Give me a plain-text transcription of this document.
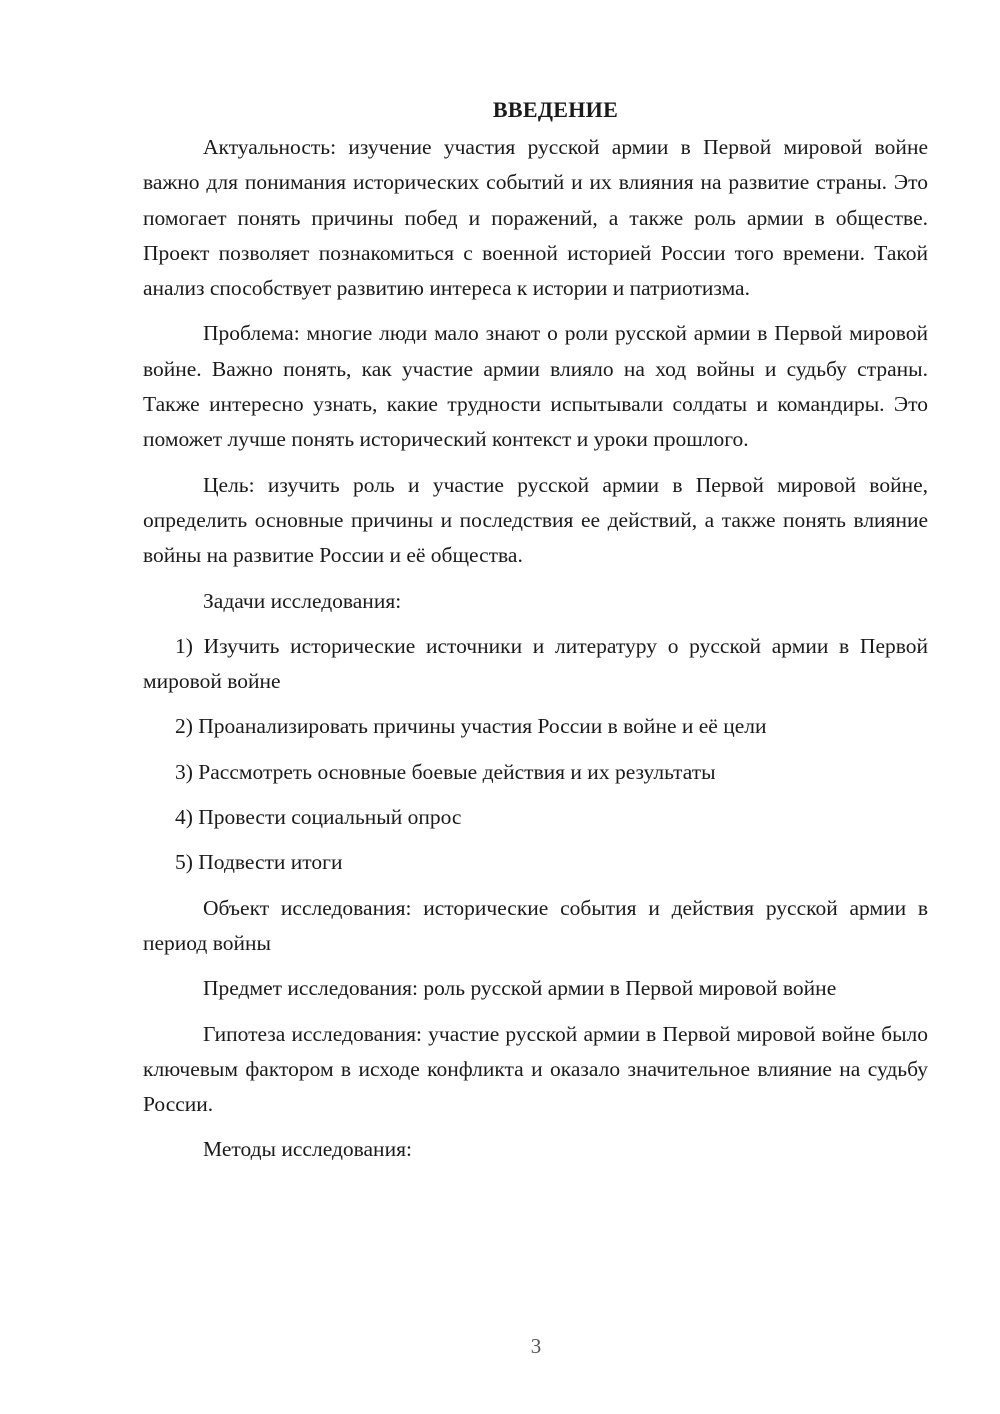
ВВЕДЕНИЕ

Актуальность: изучение участия русской армии в Первой мировой войне важно для понимания исторических событий и их влияния на развитие страны. Это помогает понять причины побед и поражений, а также роль армии в обществе. Проект позволяет познакомиться с военной историей России того времени. Такой анализ способствует развитию интереса к истории и патриотизма.

Проблема: многие люди мало знают о роли русской армии в Первой мировой войне. Важно понять, как участие армии влияло на ход войны и судьбу страны. Также интересно узнать, какие трудности испытывали солдаты и командиры. Это поможет лучше понять исторический контекст и уроки прошлого.

Цель: изучить роль и участие русской армии в Первой мировой войне, определить основные причины и последствия ее действий, а также понять влияние войны на развитие России и её общества.

Задачи исследования:

1) Изучить исторические источники и литературу о русской армии в Первой мировой войне

2) Проанализировать причины участия России в войне и её цели

3) Рассмотреть основные боевые действия и их результаты

4) Провести социальный опрос

5) Подвести итоги

Объект исследования: исторические события и действия русской армии в период войны

Предмет исследования: роль русской армии в Первой мировой войне

Гипотеза исследования: участие русской армии в Первой мировой войне было ключевым фактором в исходе конфликта и оказало значительное влияние на судьбу России.

Методы исследования:

3
